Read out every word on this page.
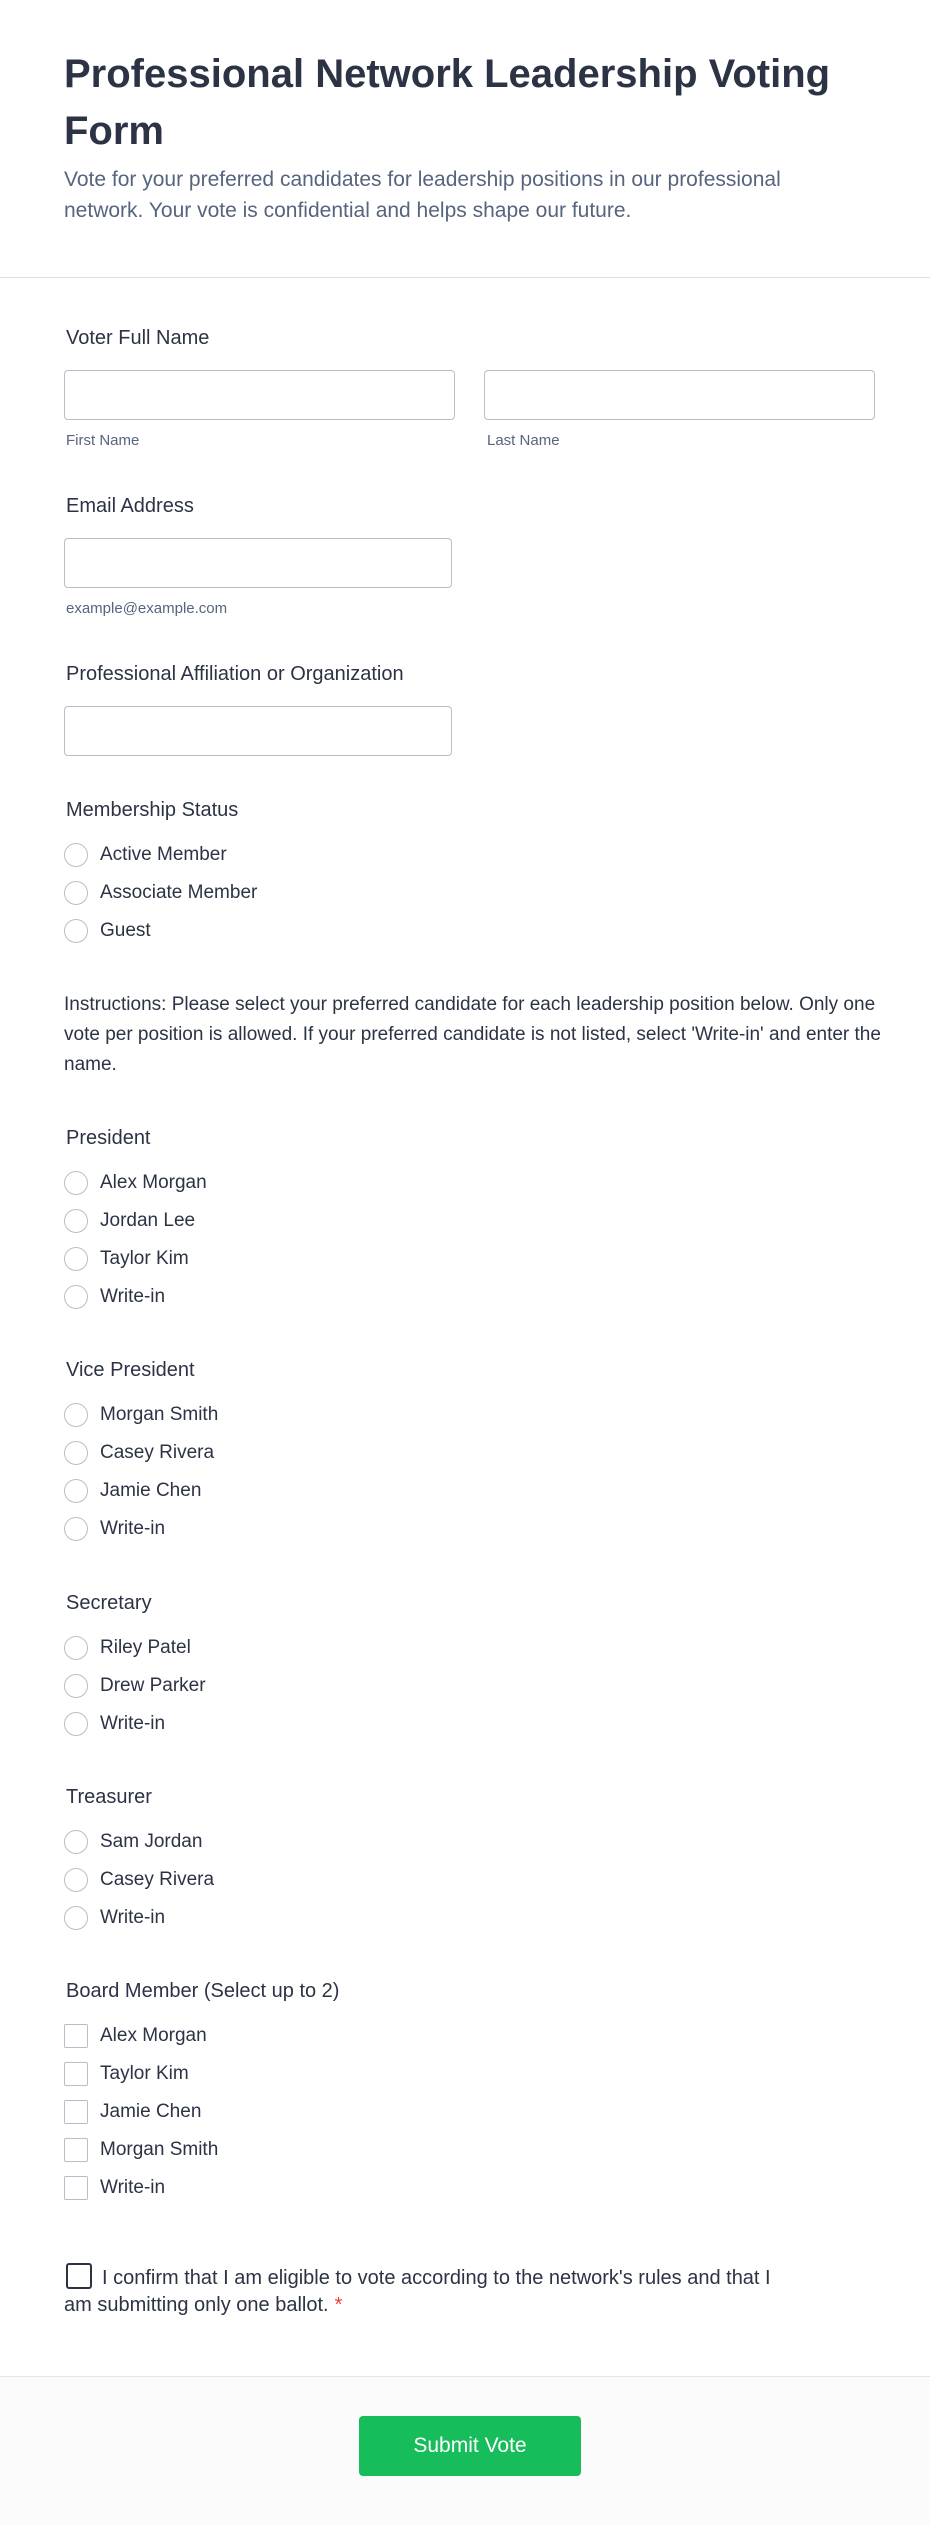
Professional Network Leadership Voting Form

Vote for your preferred candidates for leadership positions in our professional network. Your vote is confidential and helps shape our future.

Voter Full Name
First Name	Last Name
Email Address
example@example.com
Professional Affiliation or Organization
Membership Status
Active Member
Associate Member
Guest
Instructions: Please select your preferred candidate for each leadership position below. Only one vote per position is allowed. If your preferred candidate is not listed, select 'Write-in' and enter the name.
President
Alex Morgan
Jordan Lee
Taylor Kim
Write-in
Vice President
Morgan Smith
Casey Rivera
Jamie Chen
Write-in
Secretary
Riley Patel
Drew Parker
Write-in
Treasurer
Sam Jordan
Casey Rivera
Write-in
Board Member (Select up to 2)
Alex Morgan
Taylor Kim
Jamie Chen
Morgan Smith
Write-in
I confirm that I am eligible to vote according to the network's rules and that I am submitting only one ballot. *
Submit Vote
